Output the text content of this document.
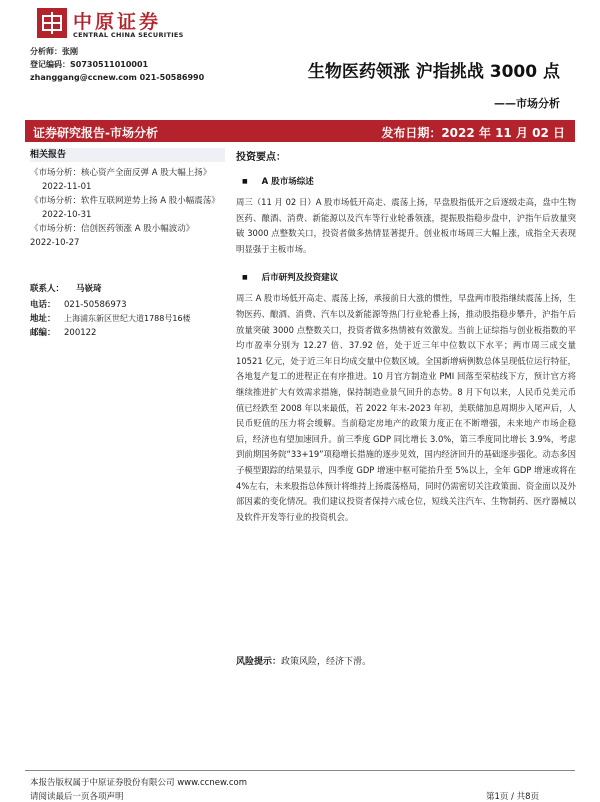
中原证券
CENTRAL CHINA SECURITIES
分析师：张刚
登记编码：S0730511010001
zhanggang@ccnew.com 021-50586990	生物医药领涨 沪指挑战 3000 点
——市场分析
证券研究报告-市场分析	发布日期：2022 年 11 月 02 日
相关报告
《市场分析：核心资产全面反弹 A 股大幅上扬》
2022-11-01
《市场分析：软件互联网逆势上扬 A 股小幅震荡》
2022-10-31
《市场分析：信创医药领涨 A 股小幅波动》
2022-10-27
联系人： 马嵚琦
电话： 021-50586973
地址： 上海浦东新区世纪大道1788号16楼
邮编： 200122
投资要点：
■ A 股市场综述
周三（11 月 02 日）A 股市场低开高走、震荡上扬，早盘股指低开之后逐级走高，盘中生物医药、酿酒、消费、新能源以及汽车等行业轮番领涨，提振股指稳步盘中，沪指午后放量突破 3000 点整数关口，投资者做多热情显著提升。创业板市场周三大幅上涨，成指全天表现明显强于主板市场。
■ 后市研判及投资建议
周三 A 股市场低开高走、震荡上扬，承接前日大涨的惯性，早盘两市股指继续震荡上扬，生物医药、酿酒、消费、汽车以及新能源等热门行业轮番上扬，推动股指稳步攀升，沪指午后放量突破 3000 点整数关口，投资者做多热情被有效激发。当前上证综指与创业板指数的平均市盈率分别为 12.27 倍、37.92 倍，处于近三年中位数以下水平；两市周三成交量 10521 亿元，处于近三年日均成交量中位数区域。全国新增病例数总体呈现低位运行特征，各地复产复工的进程正在有序推进。10 月官方制造业 PMI 回落至荣枯线下方，预计官方将继续推进扩大有效需求措施，保持制造业景气回升的态势。8 月下旬以来，人民币兑美元币值已经跌至 2008 年以来最低，若 2022 年末-2023 年初，美联储加息周期步入尾声后，人民币贬值的压力将会缓解。当前稳定房地产的政策力度正在不断增强，未来地产市场企稳后，经济也有望加速回升。前三季度 GDP 同比增长 3.0%，第三季度同比增长 3.9%，考虑到前期国务院“33+19”项稳增长措施的逐步见效，国内经济回升的基础逐步强化。动态多因子模型跟踪的结果显示，四季度 GDP 增速中枢可能抬升至 5%以上，全年 GDP 增速或将在 4%左右，未来股指总体预计将维持上扬震荡格局，同时仍需密切关注政策面、资金面以及外部因素的变化情况。我们建议投资者保持六成仓位，短线关注汽车、生物制药、医疗器械以及软件开发等行业的投资机会。
风险提示：政策风险，经济下滑。
本报告版权属于中原证券股份有限公司 www.ccnew.com
请阅读最后一页各项声明	第1页 / 共8页
